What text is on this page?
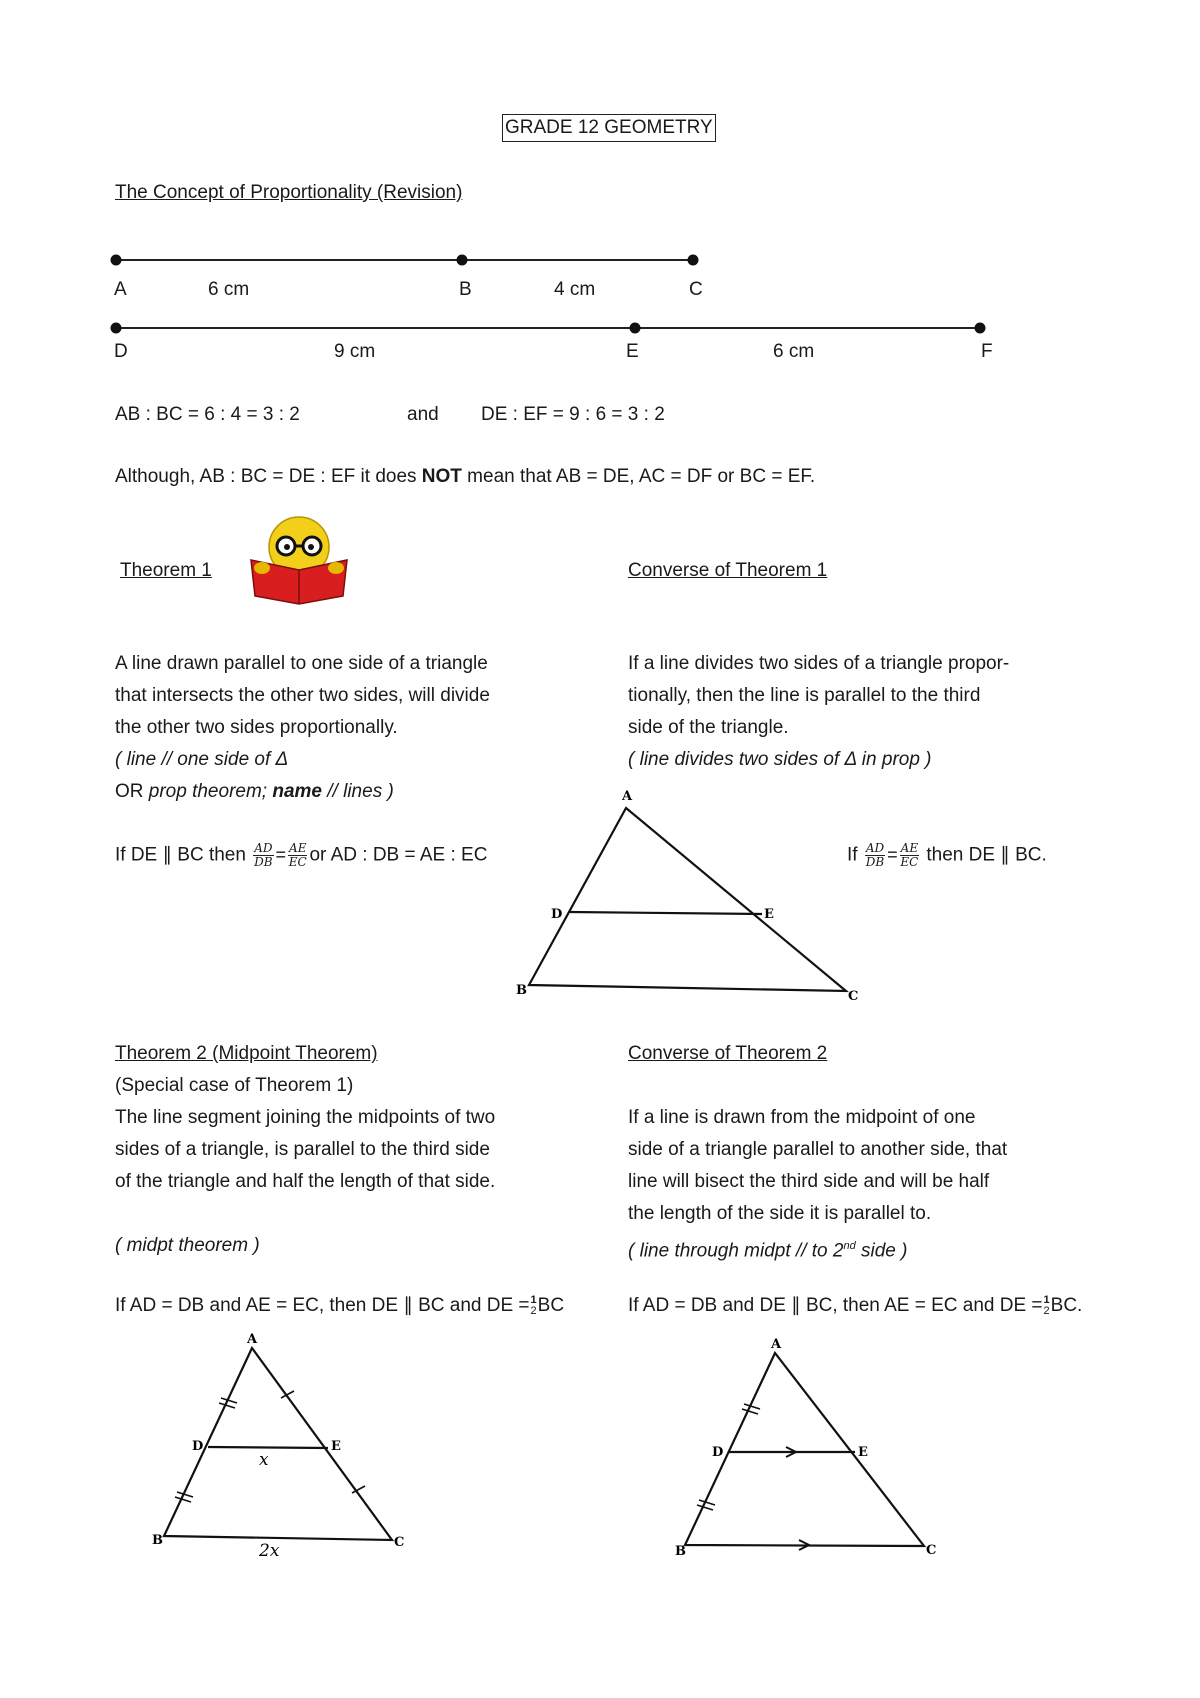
GRADE 12 GEOMETRY
The Concept of Proportionality (Revision)
A	6 cm	B	4 cm	C
D	9 cm	E	6 cm	F
AB : BC = 6 : 4 = 3 : 2	and DE : EF = 9 : 6 = 3 : 2
Although, AB : BC = DE : EF it does NOT mean that AB = DE, AC = DF or BC = EF.
Theorem 1	Converse of Theorem 1
A line drawn parallel to one side of a triangle
that intersects the other two sides, will divide
the other two sides proportionally.
( line // one side of Δ
OR prop theorem; name // lines )
If DE ∥ BC then $\frac{AD}{DB} = \frac{AE}{EC}$ or AD : DB = AE : EC
If a line divides two sides of a triangle propor-
tionally, then the line is parallel to the third
side of the triangle.
( line divides two sides of Δ in prop )
If $\frac{AD}{DB} = \frac{AE}{EC}$ then DE ∥ BC.
A
B	C
D	E
Theorem 2 (Midpoint Theorem)
(Special case of Theorem 1)
The line segment joining the midpoints of two
sides of a triangle, is parallel to the third side
of the triangle and half the length of that side.

( midpt theorem )
If AD = DB and AE = EC, then DE ∥ BC and DE = 1
2 BC
Converse of Theorem 2

If a line is drawn from the midpoint of one
side of a triangle parallel to another side, that
line will bisect the third side and will be half
the length of the side it is parallel to.
( line through midpt // to 2nd side )
If AD = DB and DE ∥ BC, then AE = EC and DE = 1
2 BC.
A
B	C
D	E
x
2x
A
B	C
D	E
